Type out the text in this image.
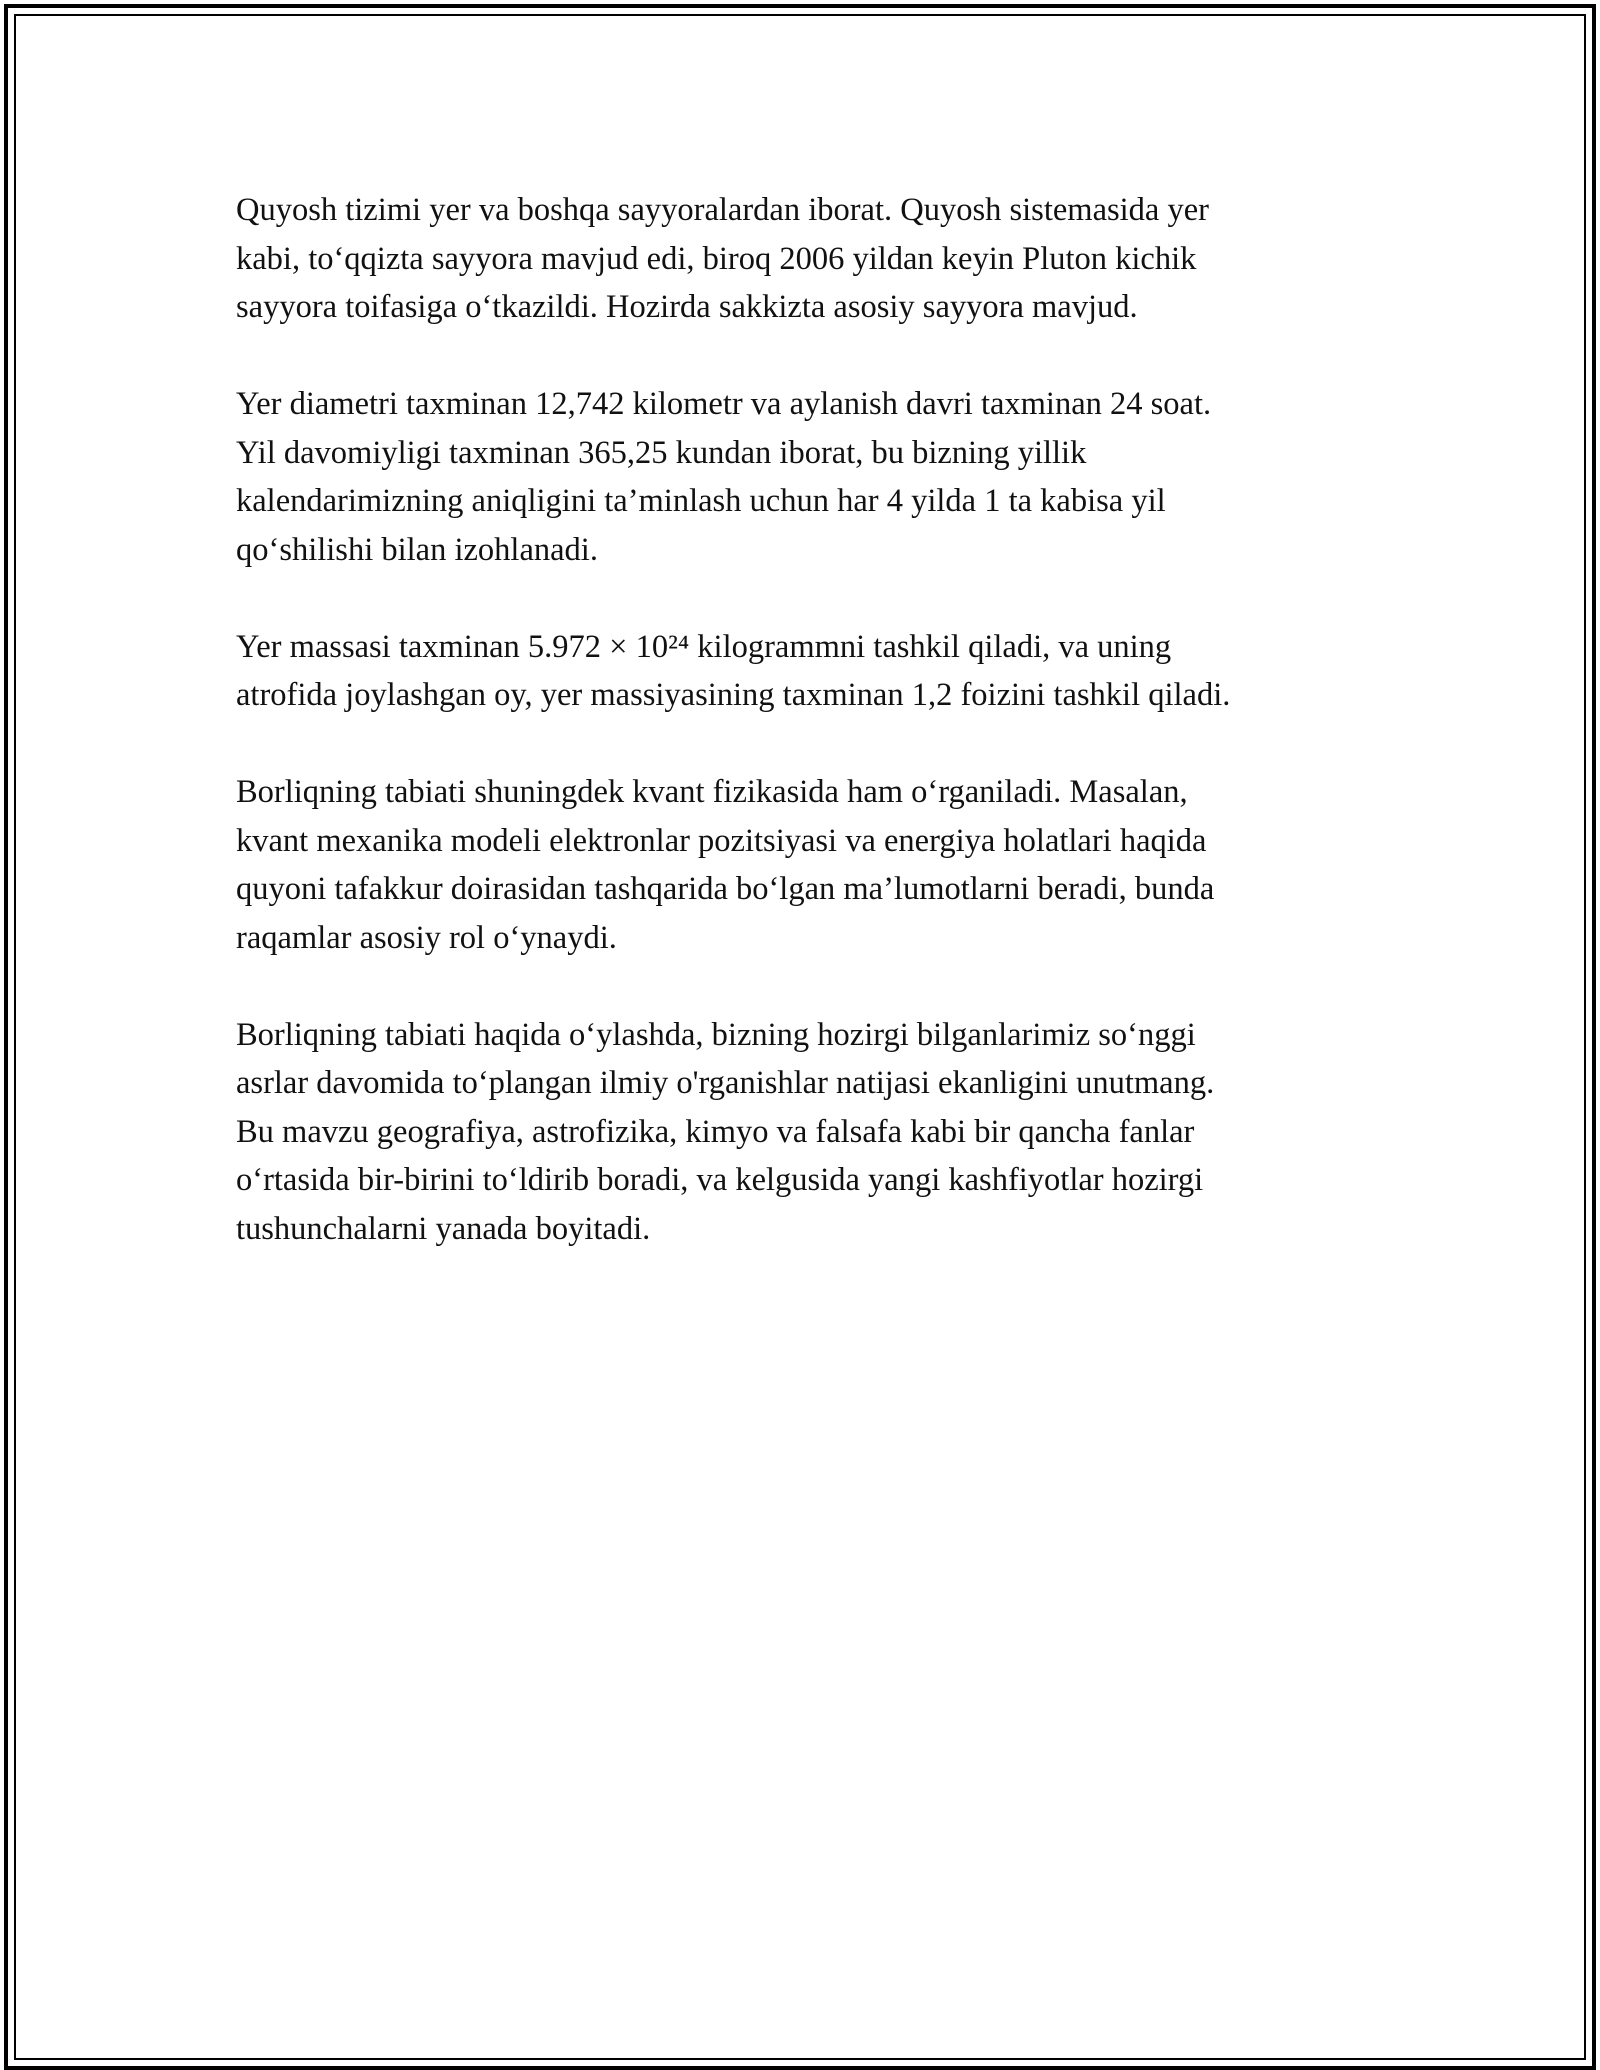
Quyosh tizimi yer va boshqa sayyoralardan iborat. Quyosh sistemasida yer
kabi, to‘qqizta sayyora mavjud edi, biroq 2006 yildan keyin Pluton kichik
sayyora toifasiga o‘tkazildi. Hozirda sakkizta asosiy sayyora mavjud.

Yer diametri taxminan 12,742 kilometr va aylanish davri taxminan 24 soat.
Yil davomiyligi taxminan 365,25 kundan iborat, bu bizning yillik
kalendarimizning aniqligini ta’minlash uchun har 4 yilda 1 ta kabisa yil
qo‘shilishi bilan izohlanadi.

Yer massasi taxminan 5.972 × 10²⁴ kilogrammni tashkil qiladi, va uning
atrofida joylashgan oy, yer massiyasining taxminan 1,2 foizini tashkil qiladi.

Borliqning tabiati shuningdek kvant fizikasida ham o‘rganiladi. Masalan,
kvant mexanika modeli elektronlar pozitsiyasi va energiya holatlari haqida
quyoni tafakkur doirasidan tashqarida bo‘lgan ma’lumotlarni beradi, bunda
raqamlar asosiy rol o‘ynaydi.

Borliqning tabiati haqida o‘ylashda, bizning hozirgi bilganlarimiz so‘nggi
asrlar davomida to‘plangan ilmiy o'rganishlar natijasi ekanligini unutmang.
Bu mavzu geografiya, astrofizika, kimyo va falsafa kabi bir qancha fanlar
o‘rtasida bir-birini to‘ldirib boradi, va kelgusida yangi kashfiyotlar hozirgi
tushunchalarni yanada boyitadi.
